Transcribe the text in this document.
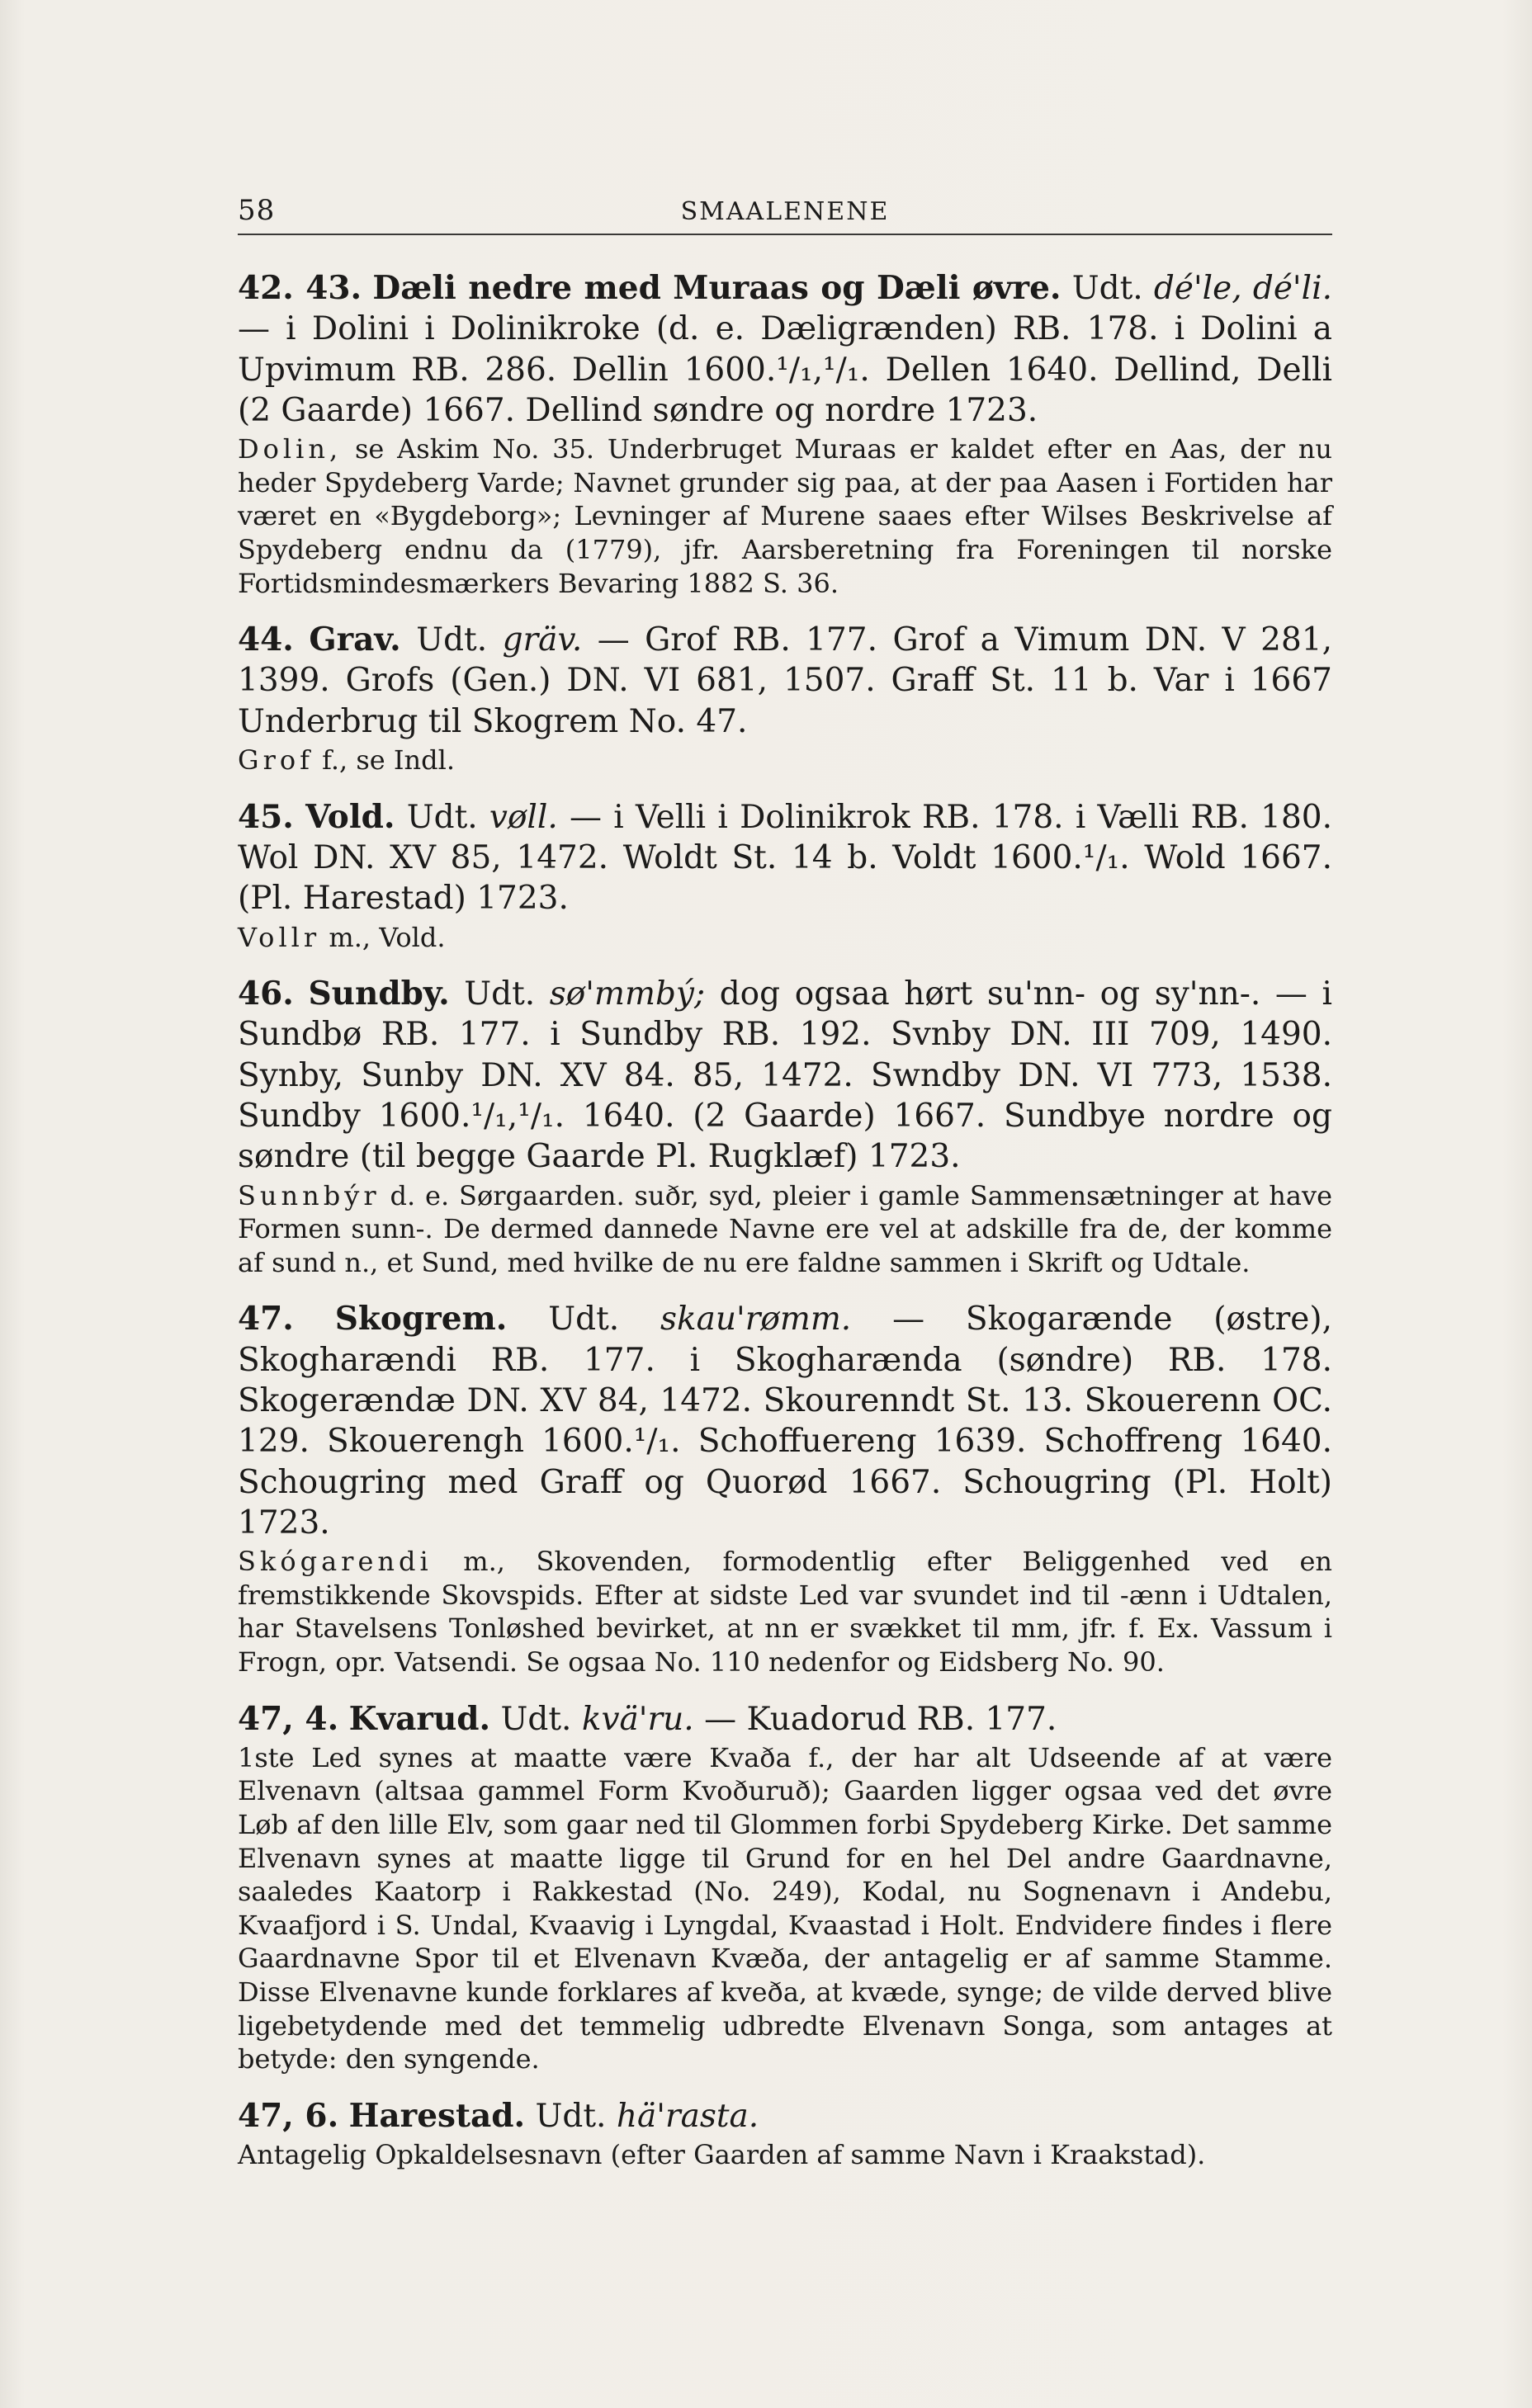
58	SMAALENENE

42. 43. Dæli nedre med Muraas og Dæli øvre. Udt. dé'le, dé'li. — i Dolini i Dolinikroke (d. e. Dæligrænden) RB. 178. i Dolini a Upvimum RB. 286. Dellin 1600.¹/₁,¹/₁. Dellen 1640. Dellind, Delli (2 Gaarde) 1667. Dellind søndre og nordre 1723.

Dolin, se Askim No. 35. Underbruget Muraas er kaldet efter en Aas, der nu heder Spydeberg Varde; Navnet grunder sig paa, at der paa Aasen i Fortiden har været en «Bygdeborg»; Levninger af Murene saaes efter Wilses Beskrivelse af Spydeberg endnu da (1779), jfr. Aarsberetning fra Foreningen til norske Fortidsmindesmærkers Bevaring 1882 S. 36.

44. Grav. Udt. gräv. — Grof RB. 177. Grof a Vimum DN. V 281, 1399. Grofs (Gen.) DN. VI 681, 1507. Graff St. 11 b. Var i 1667 Underbrug til Skogrem No. 47.

Grof f., se Indl.

45. Vold. Udt. vøll. — i Velli i Dolinikrok RB. 178. i Vælli RB. 180. Wol DN. XV 85, 1472. Woldt St. 14 b. Voldt 1600.¹/₁. Wold 1667. (Pl. Harestad) 1723.

Vollr m., Vold.

46. Sundby. Udt. sø'mmbý; dog ogsaa hørt su'nn- og sy'nn-. — i Sundbø RB. 177. i Sundby RB. 192. Svnby DN. III 709, 1490. Synby, Sunby DN. XV 84. 85, 1472. Swndby DN. VI 773, 1538. Sundby 1600.¹/₁,¹/₁. 1640. (2 Gaarde) 1667. Sundbye nordre og søndre (til begge Gaarde Pl. Rugklæf) 1723.

Sunnbýr d. e. Sørgaarden. suðr, syd, pleier i gamle Sammensætninger at have Formen sunn-. De dermed dannede Navne ere vel at adskille fra de, der komme af sund n., et Sund, med hvilke de nu ere faldne sammen i Skrift og Udtale.

47. Skogrem. Udt. skau'rømm. — Skogarænde (østre), Skogharændi RB. 177. i Skogharænda (søndre) RB. 178. Skogerændæ DN. XV 84, 1472. Skourenndt St. 13. Skouerenn OC. 129. Skouerengh 1600.¹/₁. Schoffuereng 1639. Schoffreng 1640. Schougring med Graff og Quorød 1667. Schougring (Pl. Holt) 1723.

Skógarendi m., Skovenden, formodentlig efter Beliggenhed ved en fremstikkende Skovspids. Efter at sidste Led var svundet ind til -ænn i Udtalen, har Stavelsens Tonløshed bevirket, at nn er svækket til mm, jfr. f. Ex. Vassum i Frogn, opr. Vatsendi. Se ogsaa No. 110 nedenfor og Eidsberg No. 90.

47, 4. Kvarud. Udt. kvä'ru. — Kuadorud RB. 177.

1ste Led synes at maatte være Kvaða f., der har alt Udseende af at være Elvenavn (altsaa gammel Form Kvoðuruð); Gaarden ligger ogsaa ved det øvre Løb af den lille Elv, som gaar ned til Glommen forbi Spydeberg Kirke. Det samme Elvenavn synes at maatte ligge til Grund for en hel Del andre Gaardnavne, saaledes Kaatorp i Rakkestad (No. 249), Kodal, nu Sognenavn i Andebu, Kvaafjord i S. Undal, Kvaavig i Lyngdal, Kvaastad i Holt. Endvidere findes i flere Gaardnavne Spor til et Elvenavn Kvæða, der antagelig er af samme Stamme. Disse Elvenavne kunde forklares af kveða, at kvæde, synge; de vilde derved blive ligebetydende med det temmelig udbredte Elvenavn Songa, som antages at betyde: den syngende.

47, 6. Harestad. Udt. hä'rasta.

Antagelig Opkaldelsesnavn (efter Gaarden af samme Navn i Kraakstad).
